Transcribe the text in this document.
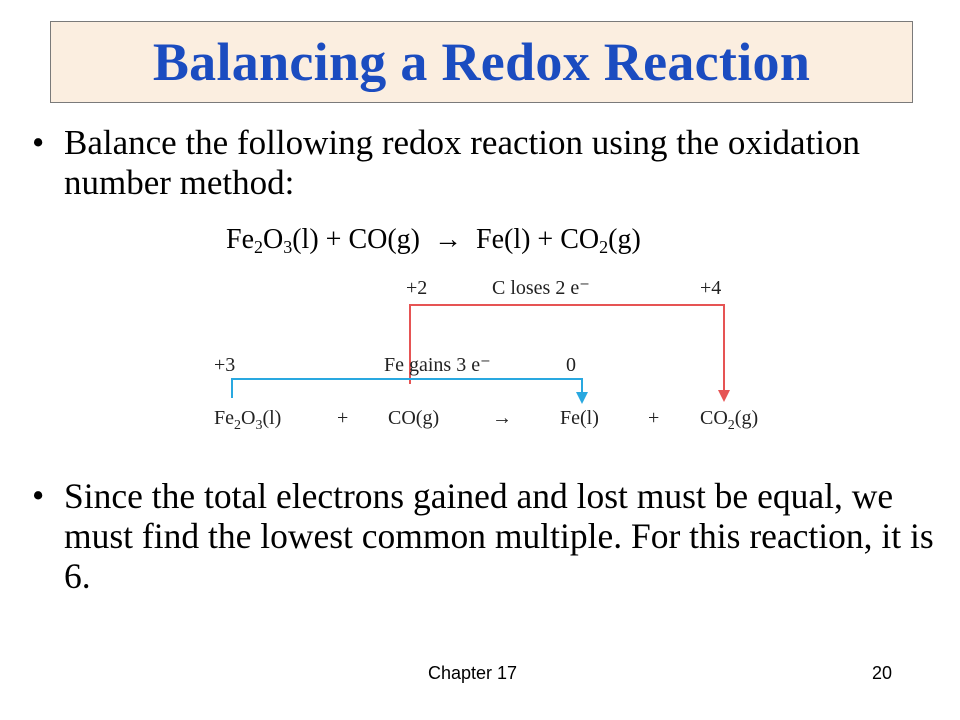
Balancing a Redox Reaction
• Balance the following redox reaction using the oxidation number method:
$Fe_2O_3(l) + CO(g) \to Fe(l) + CO_2(g)$
+2	C loses 2 e⁻	+4
+3	Fe gains 3 e⁻	0
$Fe_2O_3(l)$	+ CO(g)	→ $Fe(l) + CO_2(g)$
• Since the total electrons gained and lost must be equal, we must find the lowest common multiple. For this reaction, it is 6.
Chapter 17	20
